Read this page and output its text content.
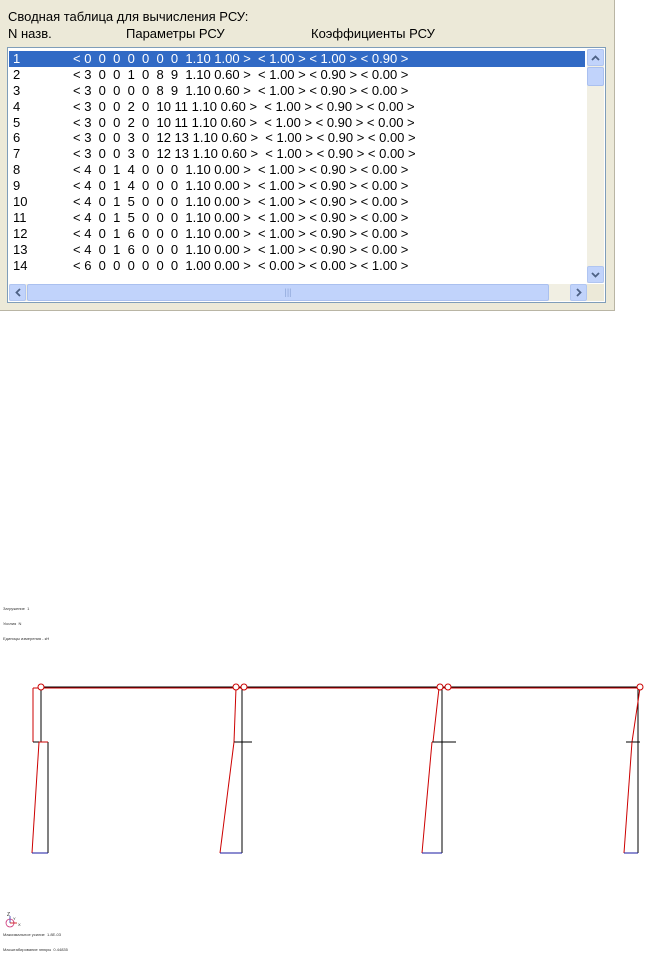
Сводная таблица для вычисления РСУ:
N назв.	Параметры РСУ	Коэффициенты РСУ
1	< 0  0  0  0  0  0  0  1.10 1.00 >  < 1.00 > < 1.00 > < 0.90 >
2	< 3  0  0  1  0  8  9  1.10 0.60 >  < 1.00 > < 0.90 > < 0.00 >
3	< 3  0  0  0  0  8  9  1.10 0.60 >  < 1.00 > < 0.90 > < 0.00 >
4	< 3  0  0  2  0  10 11 1.10 0.60 >  < 1.00 > < 0.90 > < 0.00 >
5	< 3  0  0  2  0  10 11 1.10 0.60 >  < 1.00 > < 0.90 > < 0.00 >
6	< 3  0  0  3  0  12 13 1.10 0.60 >  < 1.00 > < 0.90 > < 0.00 >
7	< 3  0  0  3  0  12 13 1.10 0.60 >  < 1.00 > < 0.90 > < 0.00 >
8	< 4  0  1  4  0  0  0  1.10 0.00 >  < 1.00 > < 0.90 > < 0.00 >
9	< 4  0  1  4  0  0  0  1.10 0.00 >  < 1.00 > < 0.90 > < 0.00 >
10	< 4  0  1  5  0  0  0  1.10 0.00 >  < 1.00 > < 0.90 > < 0.00 >
11	< 4  0  1  5  0  0  0  1.10 0.00 >  < 1.00 > < 0.90 > < 0.00 >
12	< 4  0  1  6  0  0  0  1.10 0.00 >  < 1.00 > < 0.90 > < 0.00 >
13	< 4  0  1  6  0  0  0  1.10 0.00 >  < 1.00 > < 0.90 > < 0.00 >
14	< 6  0  0  0  0  0  0  1.00 0.00 >  < 0.00 > < 0.00 > < 1.00 >
|||

Загружение  1

Усилия  N

Единицы измерения - кН

Z
Y
X

Максимальное усилие  1.8Е-03

Масштабирование эпюры  0.44835
